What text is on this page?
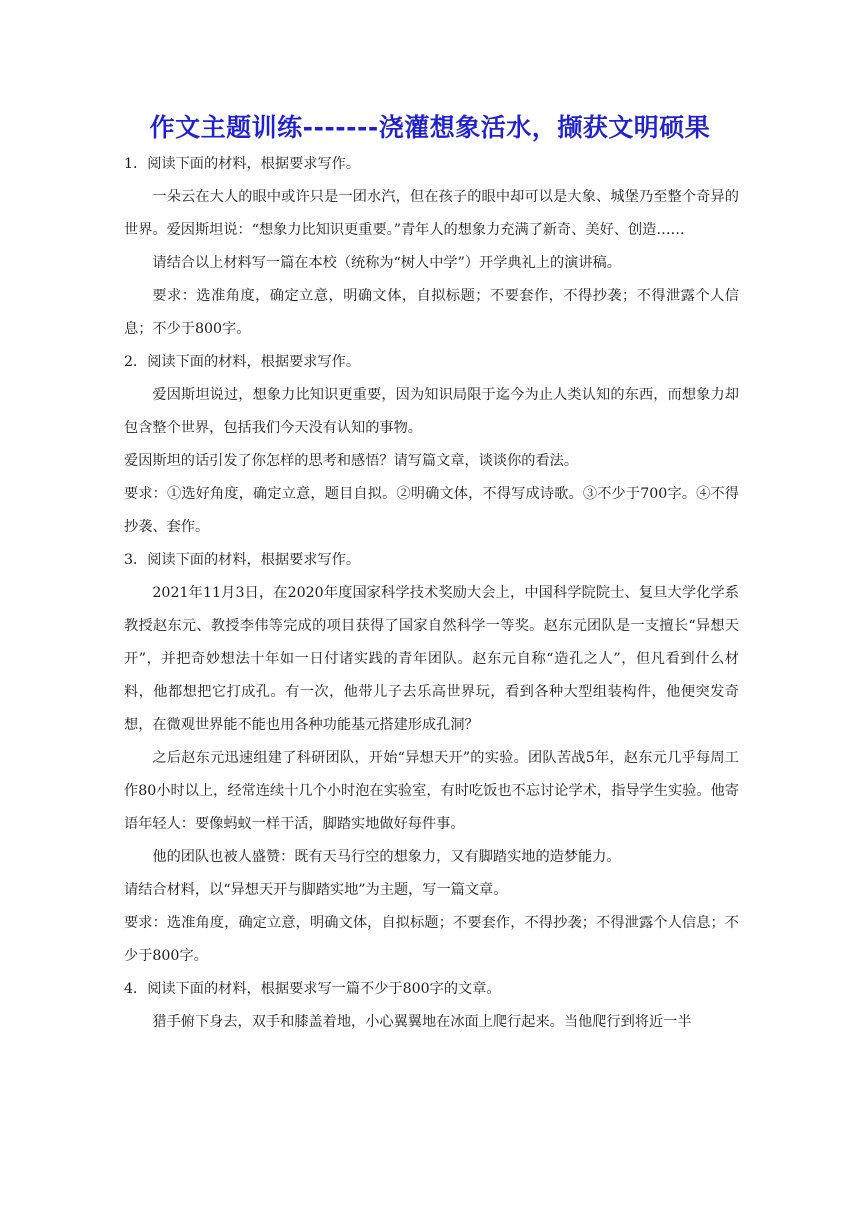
作文主题训练-------浇灌想象活水，撷获文明硕果

1．阅读下面的材料，根据要求写作。

一朵云在大人的眼中或许只是一团水汽，但在孩子的眼中却可以是大象、城堡乃至整个奇异的世界。爱因斯坦说：“想象力比知识更重要。”青年人的想象力充满了新奇、美好、创造……

请结合以上材料写一篇在本校（统称为“树人中学”）开学典礼上的演讲稿。

要求：选准角度，确定立意，明确文体，自拟标题；不要套作，不得抄袭；不得泄露个人信息；不少于800字。

2．阅读下面的材料，根据要求写作。

爱因斯坦说过，想象力比知识更重要，因为知识局限于迄今为止人类认知的东西，而想象力却包含整个世界，包括我们今天没有认知的事物。

爱因斯坦的话引发了你怎样的思考和感悟？请写篇文章，谈谈你的看法。

要求：①选好角度，确定立意，题目自拟。②明确文体，不得写成诗歌。③不少于700字。④不得抄袭、套作。

3．阅读下面的材料，根据要求写作。

2021年11月3日，在2020年度国家科学技术奖励大会上，中国科学院院士、复旦大学化学系教授赵东元、教授李伟等完成的项目获得了国家自然科学一等奖。赵东元团队是一支擅长“异想天开”，并把奇妙想法十年如一日付诸实践的青年团队。赵东元自称“造孔之人”，但凡看到什么材料，他都想把它打成孔。有一次，他带儿子去乐高世界玩，看到各种大型组装构件，他便突发奇想，在微观世界能不能也用各种功能基元搭建形成孔洞？

之后赵东元迅速组建了科研团队，开始“异想天开”的实验。团队苦战5年，赵东元几乎每周工作80小时以上，经常连续十几个小时泡在实验室，有时吃饭也不忘讨论学术，指导学生实验。他寄语年轻人：要像蚂蚁一样干活，脚踏实地做好每件事。

他的团队也被人盛赞：既有天马行空的想象力，又有脚踏实地的造梦能力。

请结合材料，以“异想天开与脚踏实地”为主题，写一篇文章。

要求：选准角度，确定立意，明确文体，自拟标题；不要套作，不得抄袭；不得泄露个人信息；不少于800字。

4．阅读下面的材料，根据要求写一篇不少于800字的文章。

猎手俯下身去，双手和膝盖着地，小心翼翼地在冰面上爬行起来。当他爬行到将近一半
